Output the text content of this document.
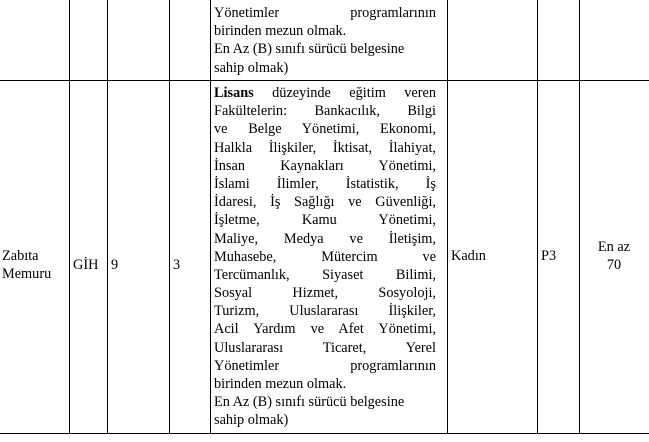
Yönetimler programlarının
birinden mezun olmak.
En Az (B) sınıfı sürücü belgesine
sahip olmak)
Zabıta
Memuru
GİH 9	3
Kadın	P3
En az
70
Lisans düzeyinde eğitim veren
Fakültelerin: Bankacılık, Bilgi
ve Belge Yönetimi, Ekonomi,
Halkla İlişkiler, İktisat, İlahiyat,
İnsan Kaynakları Yönetimi,
İslami İlimler, İstatistik, İş
İdaresi, İş Sağlığı ve Güvenliği,
İşletme, Kamu Yönetimi,
Maliye, Medya ve İletişim,
Muhasebe, Mütercim ve
Tercümanlık, Siyaset Bilimi,
Sosyal Hizmet, Sosyoloji,
Turizm, Uluslararası İlişkiler,
Acil Yardım ve Afet Yönetimi,
Uluslararası Ticaret, Yerel
Yönetimler programlarının
birinden mezun olmak.
En Az (B) sınıfı sürücü belgesine
sahip olmak)
